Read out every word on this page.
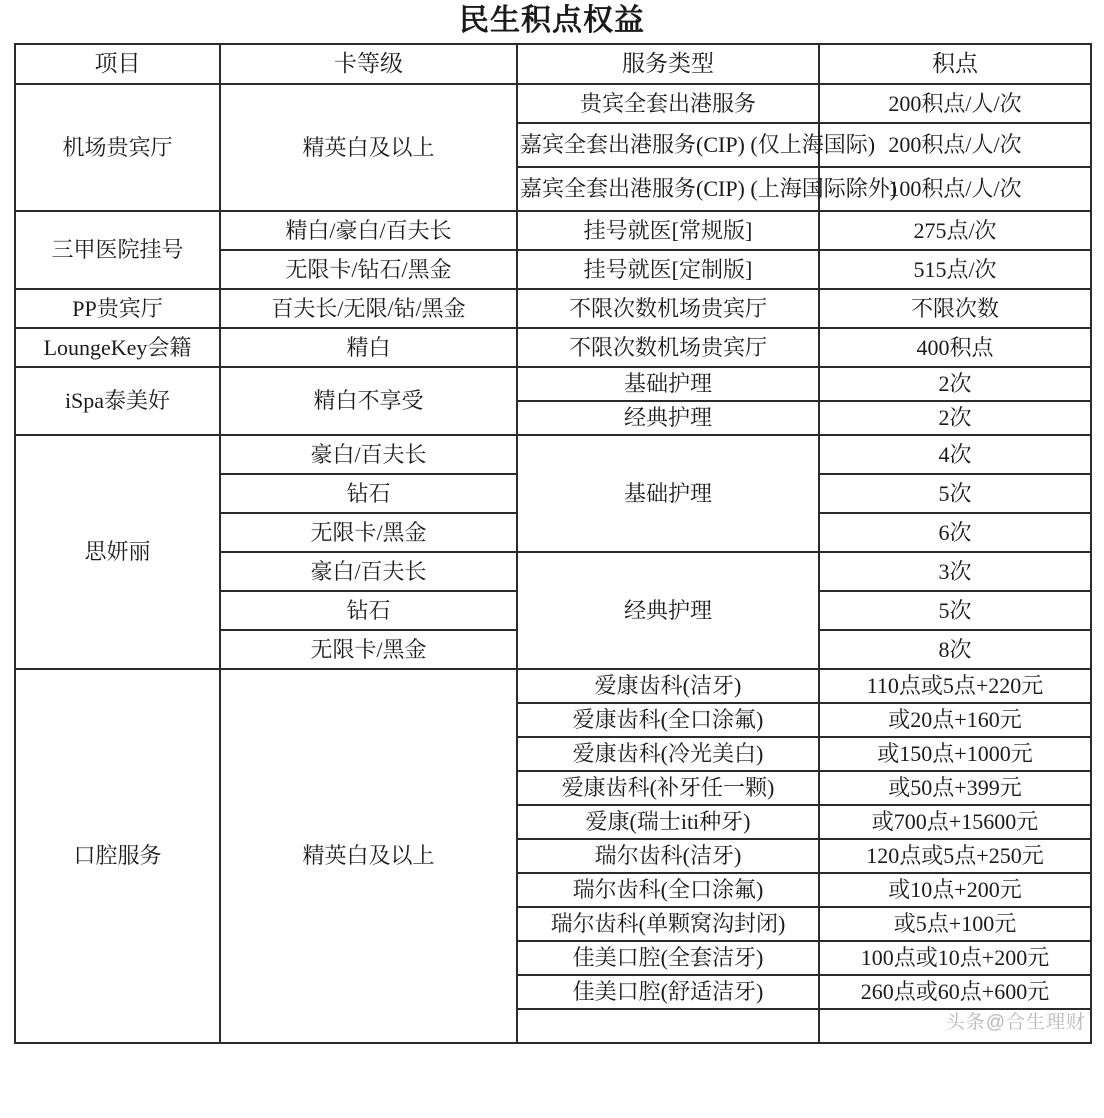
民生积点权益
项目	卡等级	服务类型	积点
机场贵宾厅	精英白及以上	贵宾全套出港服务	200积点/人/次
		嘉宾全套出港服务(CIP) (仅上海国际)	200积点/人/次
		嘉宾全套出港服务(CIP) (上海国际除外)	100积点/人/次
三甲医院挂号	精白/豪白/百夫长	挂号就医[常规版]	275点/次
	无限卡/钻石/黑金	挂号就医[定制版]	515点/次
PP贵宾厅	百夫长/无限/钻/黑金	不限次数机场贵宾厅	不限次数
LoungeKey会籍	精白	不限次数机场贵宾厅	400积点
iSpa泰美好	精白不享受	基础护理	2次
		经典护理	2次
思妍丽	豪白/百夫长	基础护理	4次
	钻石		5次
	无限卡/黑金		6次
	豪白/百夫长	经典护理	3次
	钻石		5次
	无限卡/黑金		8次
口腔服务	精英白及以上	爱康齿科(洁牙)	110点或5点+220元
		爱康齿科(全口涂氟)	或20点+160元
		爱康齿科(冷光美白)	或150点+1000元
		爱康齿科(补牙任一颗)	或50点+399元
		爱康(瑞士iti种牙)	或700点+15600元
		瑞尔齿科(洁牙)	120点或5点+250元
		瑞尔齿科(全口涂氟)	或10点+200元
		瑞尔齿科(单颗窝沟封闭)	或5点+100元
		佳美口腔(全套洁牙)	100点或10点+200元
		佳美口腔(舒适洁牙)	260点或60点+600元

头条@合生理财
